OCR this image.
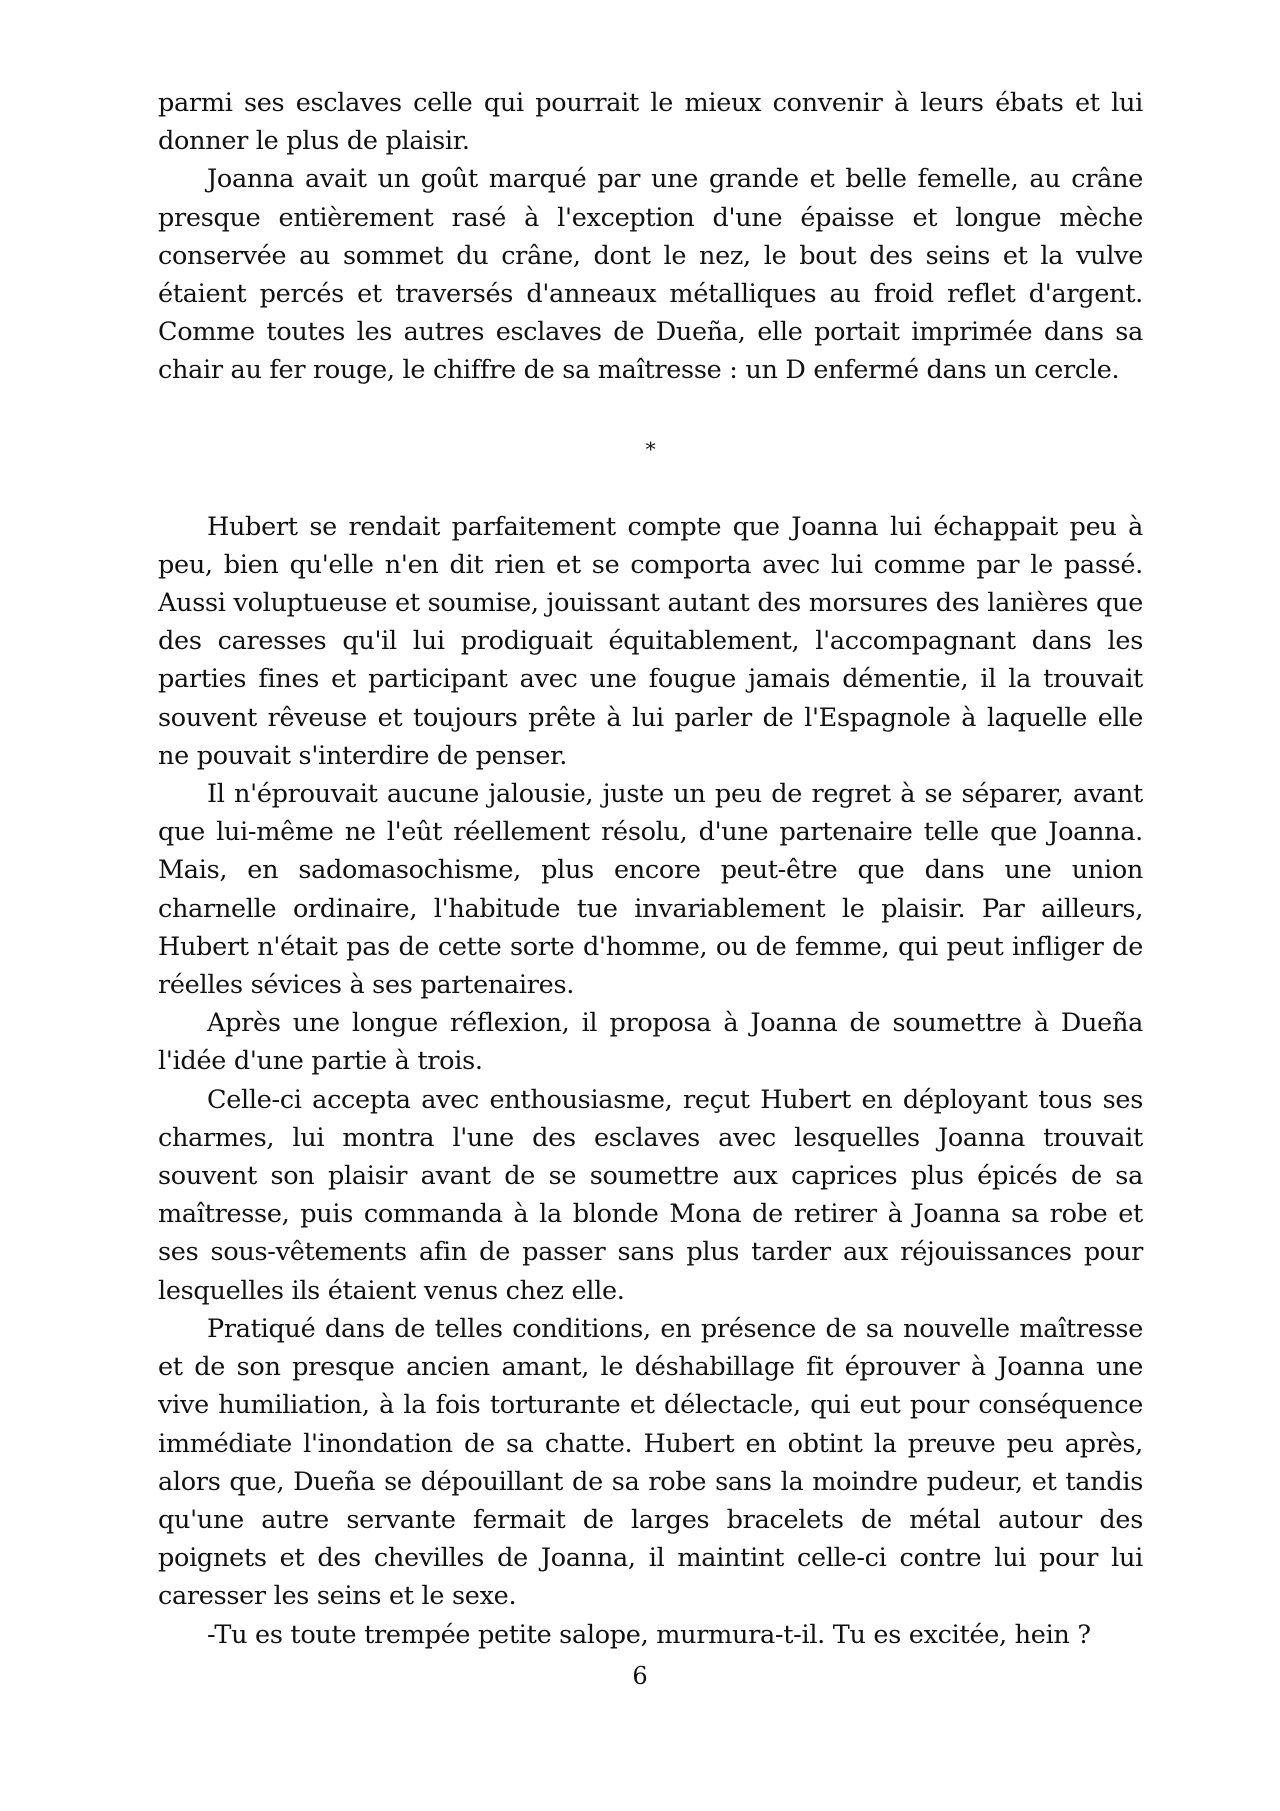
parmi ses esclaves celle qui pourrait le mieux convenir à leurs ébats et lui donner le plus de plaisir.

Joanna avait un goût marqué par une grande et belle femelle, au crâne presque entièrement rasé à l'exception d'une épaisse et longue mèche conservée au sommet du crâne, dont le nez, le bout des seins et la vulve étaient percés et traversés d'anneaux métalliques au froid reflet d'argent. Comme toutes les autres esclaves de Dueña, elle portait imprimée dans sa chair au fer rouge, le chiffre de sa maîtresse : un D enfermé dans un cercle.

*

Hubert se rendait parfaitement compte que Joanna lui échappait peu à peu, bien qu'elle n'en dit rien et se comporta avec lui comme par le passé. Aussi voluptueuse et soumise, jouissant autant des morsures des lanières que des caresses qu'il lui prodiguait équitablement, l'accompagnant dans les parties fines et participant avec une fougue jamais démentie, il la trouvait souvent rêveuse et toujours prête à lui parler de l'Espagnole à laquelle elle ne pouvait s'interdire de penser.

Il n'éprouvait aucune jalousie, juste un peu de regret à se séparer, avant que lui-même ne l'eût réellement résolu, d'une partenaire telle que Joanna. Mais, en sadomasochisme, plus encore peut-être que dans une union charnelle ordinaire, l'habitude tue invariablement le plaisir. Par ailleurs, Hubert n'était pas de cette sorte d'homme, ou de femme, qui peut infliger de réelles sévices à ses partenaires.

Après une longue réflexion, il proposa à Joanna de soumettre à Dueña l'idée d'une partie à trois.

Celle-ci accepta avec enthousiasme, reçut Hubert en déployant tous ses charmes, lui montra l'une des esclaves avec lesquelles Joanna trouvait souvent son plaisir avant de se soumettre aux caprices plus épicés de sa maîtresse, puis commanda à la blonde Mona de retirer à Joanna sa robe et ses sous-vêtements afin de passer sans plus tarder aux réjouissances pour lesquelles ils étaient venus chez elle.

Pratiqué dans de telles conditions, en présence de sa nouvelle maîtresse et de son presque ancien amant, le déshabillage fit éprouver à Joanna une vive humiliation, à la fois torturante et délectacle, qui eut pour conséquence immédiate l'inondation de sa chatte. Hubert en obtint la preuve peu après, alors que, Dueña se dépouillant de sa robe sans la moindre pudeur, et tandis qu'une autre servante fermait de larges bracelets de métal autour des poignets et des chevilles de Joanna, il maintint celle-ci contre lui pour lui caresser les seins et le sexe.

-Tu es toute trempée petite salope, murmura-t-il. Tu es excitée, hein ?

6
